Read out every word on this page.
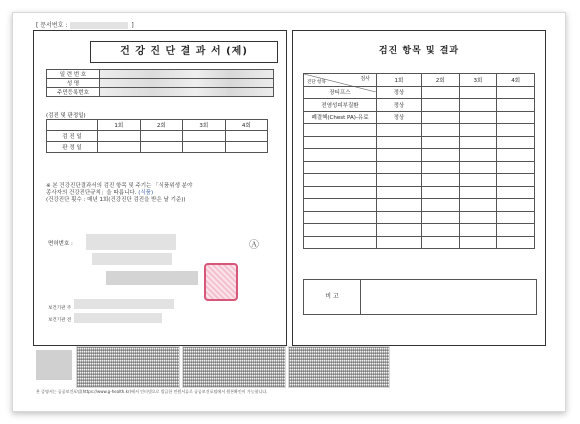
[ 문서번호 :	]
건 강 진 단 결 과 서 (제)
일 련 번 호	
성 명	
주민등록번호	
(검진 및 판정일)
	1회	2회	3회	4회
검 진 일				
판 정 일				
※ 본 건강진단결과서의 검진 항목 및 주기는 「식품위생 분야
종사자의 건강진단규칙」을 따릅니다. (식품)
(건강진단 횟수 : 매년 1회(건강진단 검진을 받은 날 기준))
면허번호 :	Ⓐ
보건기관 주
보건기관 전
검진 항목 및 결과
검사
진단 항목	1회	2회	3회	4회
장티프스	정상			
전염성피부질환	정상			
폐결핵(Chest PA)-유료	정상			

비 고
본 증명서는 공공보건포털(https://www.g-health.kr)에서 인터넷으로 발급한 민원서류로 공공보건포털에서 원본확인이 가능합니다.
